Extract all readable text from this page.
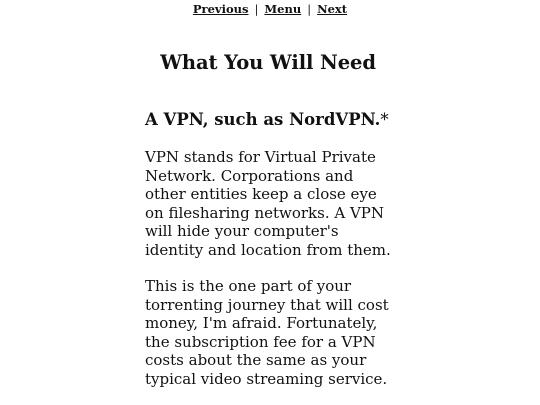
Previous | Menu | Next
What You Will Need
A VPN, such as NordVPN.*

VPN stands for Virtual Private Network. Corporations and other entities keep a close eye on filesharing networks. A VPN will hide your computer's identity and location from them.

This is the one part of your torrenting journey that will cost money, I'm afraid. Fortunately, the subscription fee for a VPN costs about the same as your typical video streaming service.
